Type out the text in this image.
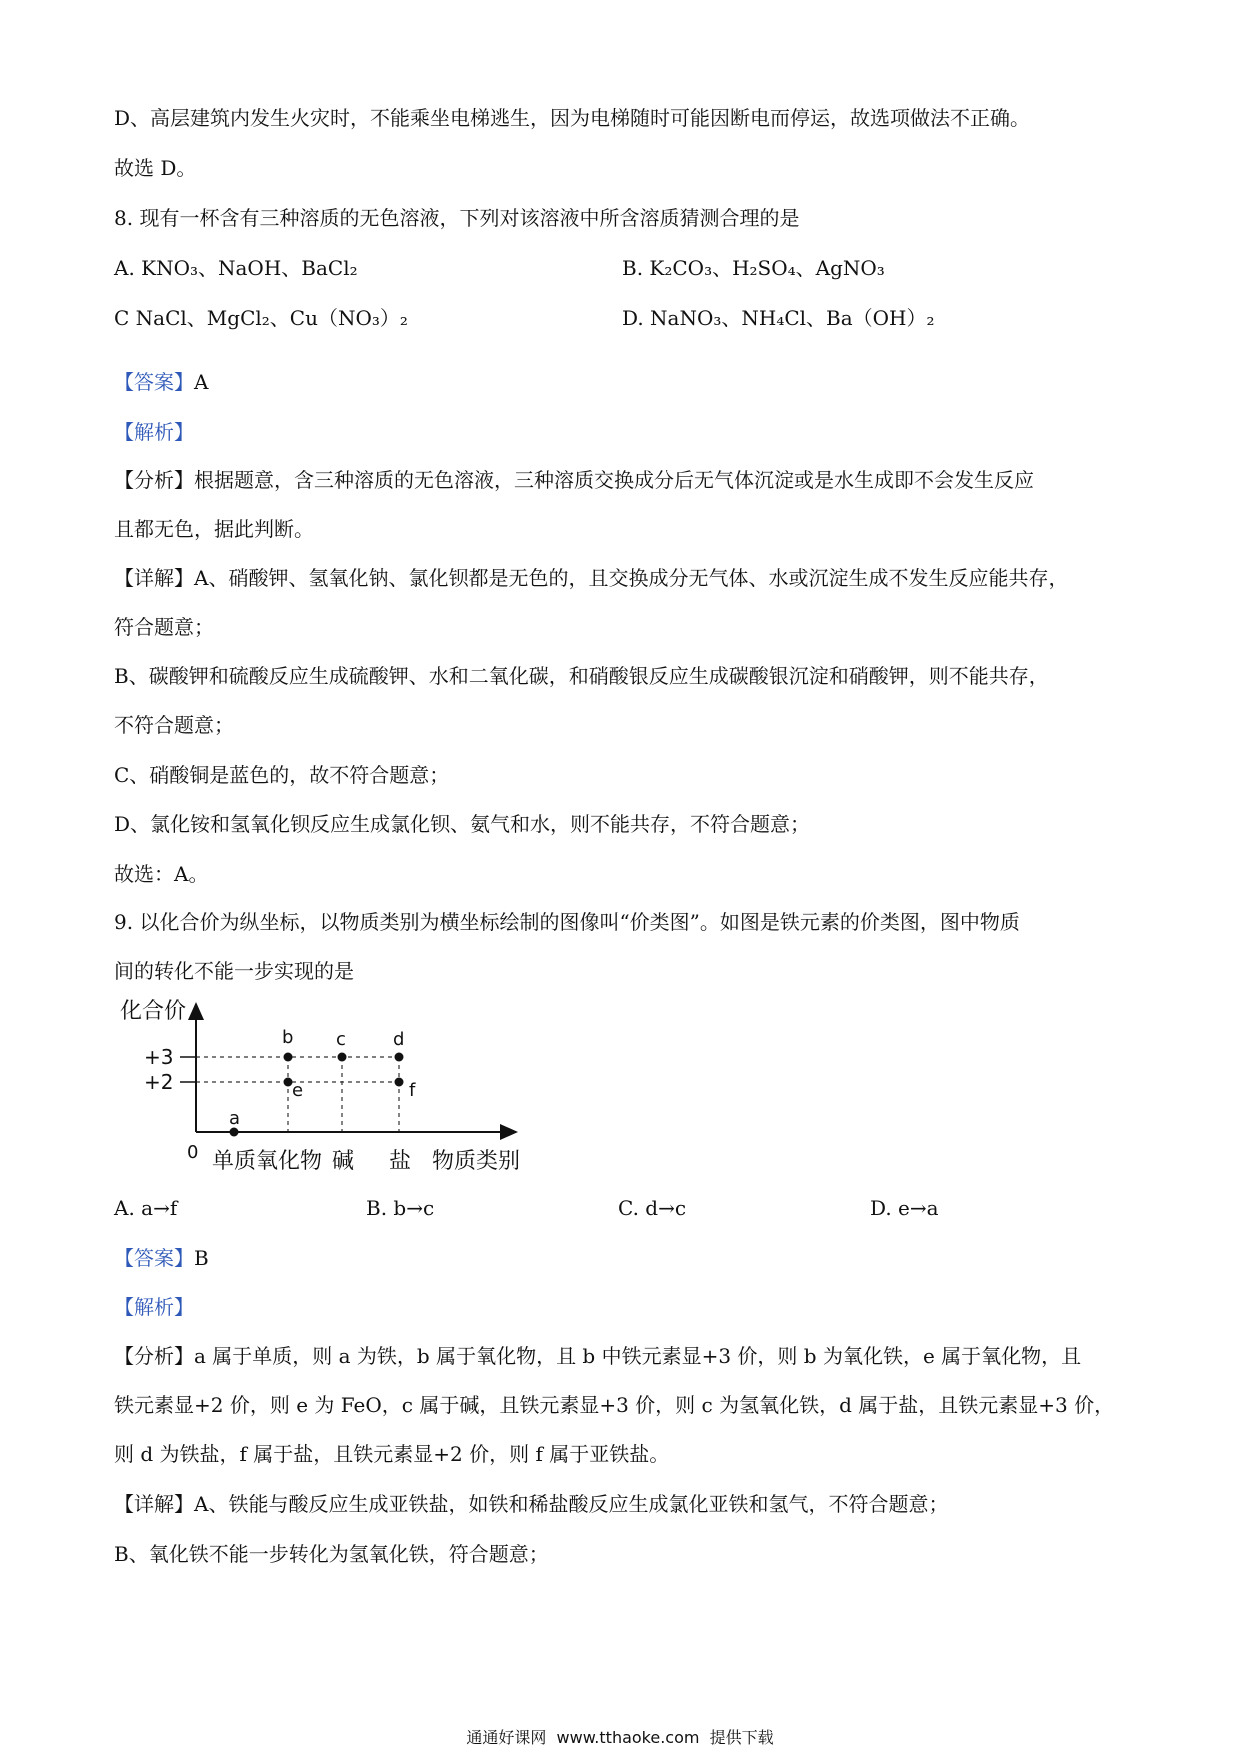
D、高层建筑内发生火灾时，不能乘坐电梯逃生，因为电梯随时可能因断电而停运，故选项做法不正确。
故选 D。
8. 现有一杯含有三种溶质的无色溶液，下列对该溶液中所含溶质猜测合理的是
A. KNO₃、NaOH、BaCl₂	B. K₂CO₃、H₂SO₄、AgNO₃
C NaCl、MgCl₂、Cu（NO₃）₂	D. NaNO₃、NH₄Cl、Ba（OH）₂
【答案】A
【解析】
【分析】根据题意，含三种溶质的无色溶液，三种溶质交换成分后无气体沉淀或是水生成即不会发生反应
且都无色，据此判断。
【详解】A、硝酸钾、氢氧化钠、氯化钡都是无色的，且交换成分无气体、水或沉淀生成不发生反应能共存，
符合题意；
B、碳酸钾和硫酸反应生成硫酸钾、水和二氧化碳，和硝酸银反应生成碳酸银沉淀和硝酸钾，则不能共存，
不符合题意；
C、硝酸铜是蓝色的，故不符合题意；
D、氯化铵和氢氧化钡反应生成氯化钡、氨气和水，则不能共存，不符合题意；
故选：A。
9. 以化合价为纵坐标，以物质类别为横坐标绘制的图像叫“价类图”。如图是铁元素的价类图，图中物质
间的转化不能一步实现的是
化合价
0	物质类别
+3
+2
单质 氧化物 碱 盐
a
b
e
c	d
f
A. a→f	B. b→c	C. d→c	D. e→a
【答案】B
【解析】
【分析】a 属于单质，则 a 为铁，b 属于氧化物，且 b 中铁元素显+3 价，则 b 为氧化铁，e 属于氧化物，且
铁元素显+2 价，则 e 为 FeO，c 属于碱，且铁元素显+3 价，则 c 为氢氧化铁，d 属于盐，且铁元素显+3 价，
则 d 为铁盐，f 属于盐，且铁元素显+2 价，则 f 属于亚铁盐。
【详解】A、铁能与酸反应生成亚铁盐，如铁和稀盐酸反应生成氯化亚铁和氢气，不符合题意；
B、氧化铁不能一步转化为氢氧化铁，符合题意；
通通好课网 www.tthaoke.com 提供下载
